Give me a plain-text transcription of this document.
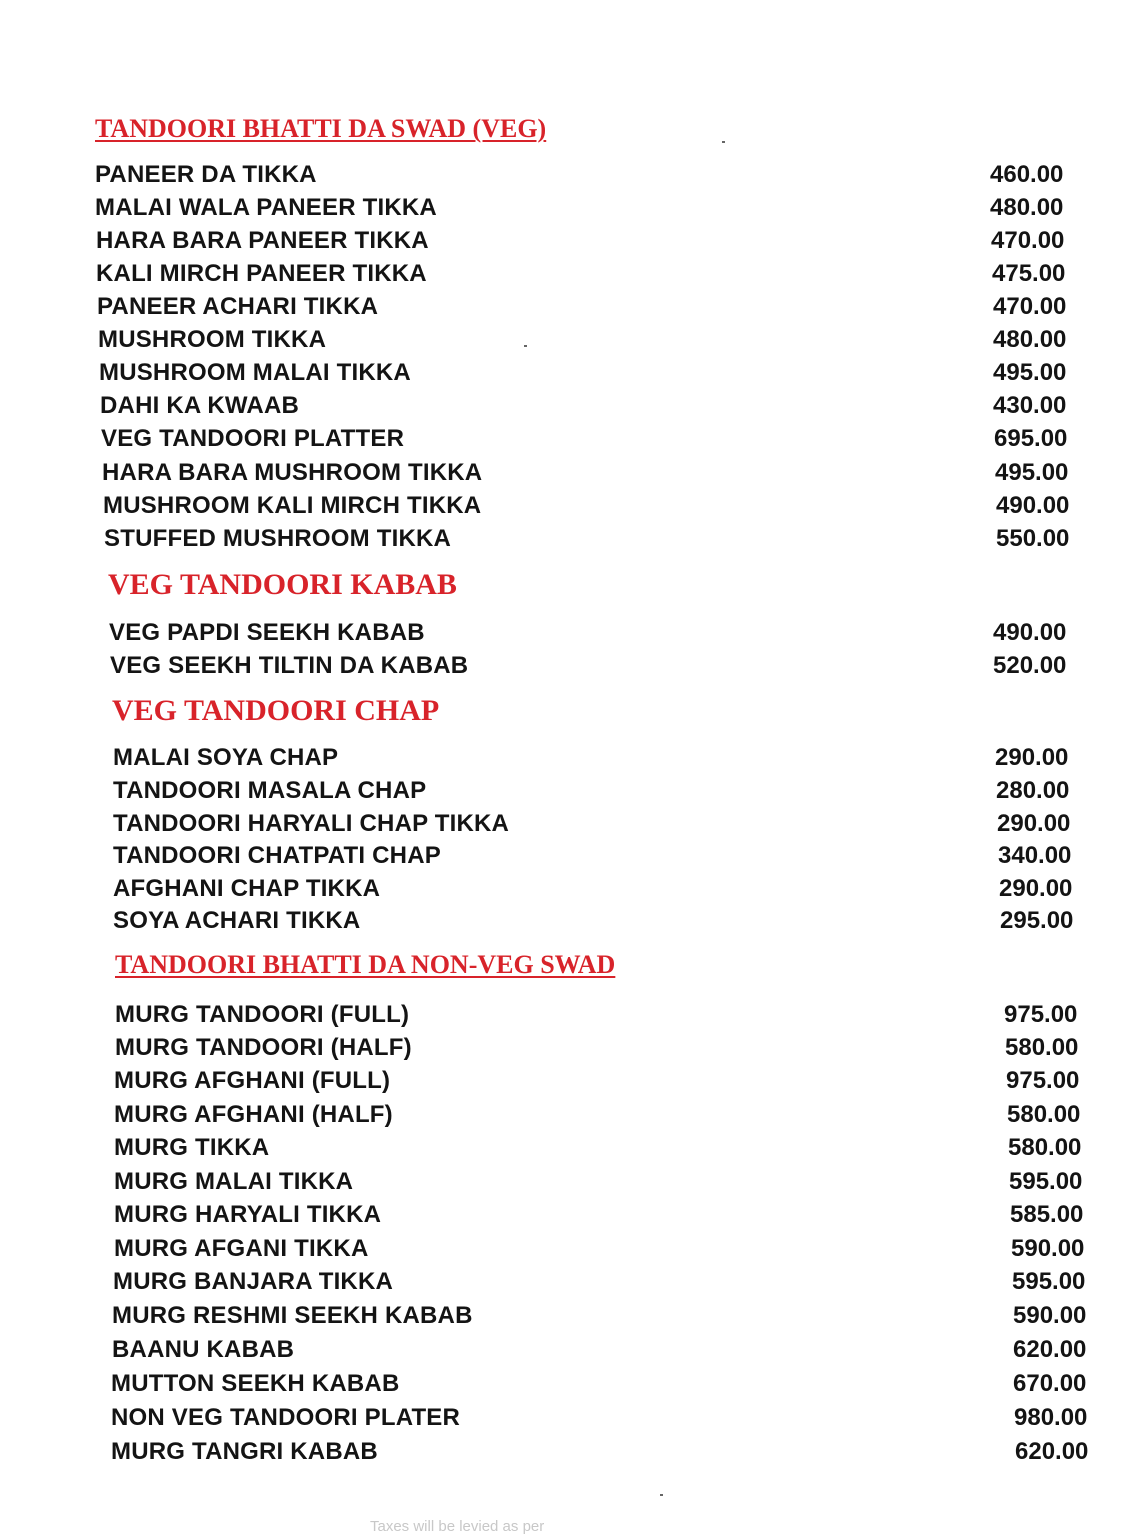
TANDOORI BHATTI DA SWAD (VEG)
PANEER DA TIKKA	460.00
MALAI WALA PANEER TIKKA	480.00
HARA BARA PANEER TIKKA	470.00
KALI MIRCH PANEER TIKKA	475.00
PANEER ACHARI TIKKA	470.00
MUSHROOM TIKKA	480.00
MUSHROOM MALAI TIKKA	495.00
DAHI KA KWAAB	430.00
VEG TANDOORI PLATTER	695.00
HARA BARA MUSHROOM TIKKA	495.00
MUSHROOM KALI MIRCH TIKKA	490.00
STUFFED MUSHROOM TIKKA	550.00
VEG TANDOORI KABAB
VEG PAPDI SEEKH KABAB	490.00
VEG SEEKH TILTIN DA KABAB	520.00
VEG TANDOORI CHAP
MALAI SOYA CHAP	290.00
TANDOORI MASALA CHAP	280.00
TANDOORI HARYALI CHAP TIKKA	290.00
TANDOORI CHATPATI CHAP	340.00
AFGHANI CHAP TIKKA	290.00
SOYA ACHARI TIKKA	295.00
TANDOORI BHATTI DA NON-VEG SWAD
MURG TANDOORI (FULL)	975.00
MURG TANDOORI (HALF)	580.00
MURG AFGHANI (FULL)	975.00
MURG AFGHANI (HALF)	580.00
MURG TIKKA	580.00
MURG MALAI TIKKA	595.00
MURG HARYALI TIKKA	585.00
MURG AFGANI TIKKA	590.00
MURG BANJARA TIKKA	595.00
MURG RESHMI SEEKH KABAB	590.00
BAANU KABAB	620.00
MUTTON SEEKH KABAB	670.00
NON VEG TANDOORI PLATER	980.00
MURG TANGRI KABAB	620.00
Taxes will be levied as per
